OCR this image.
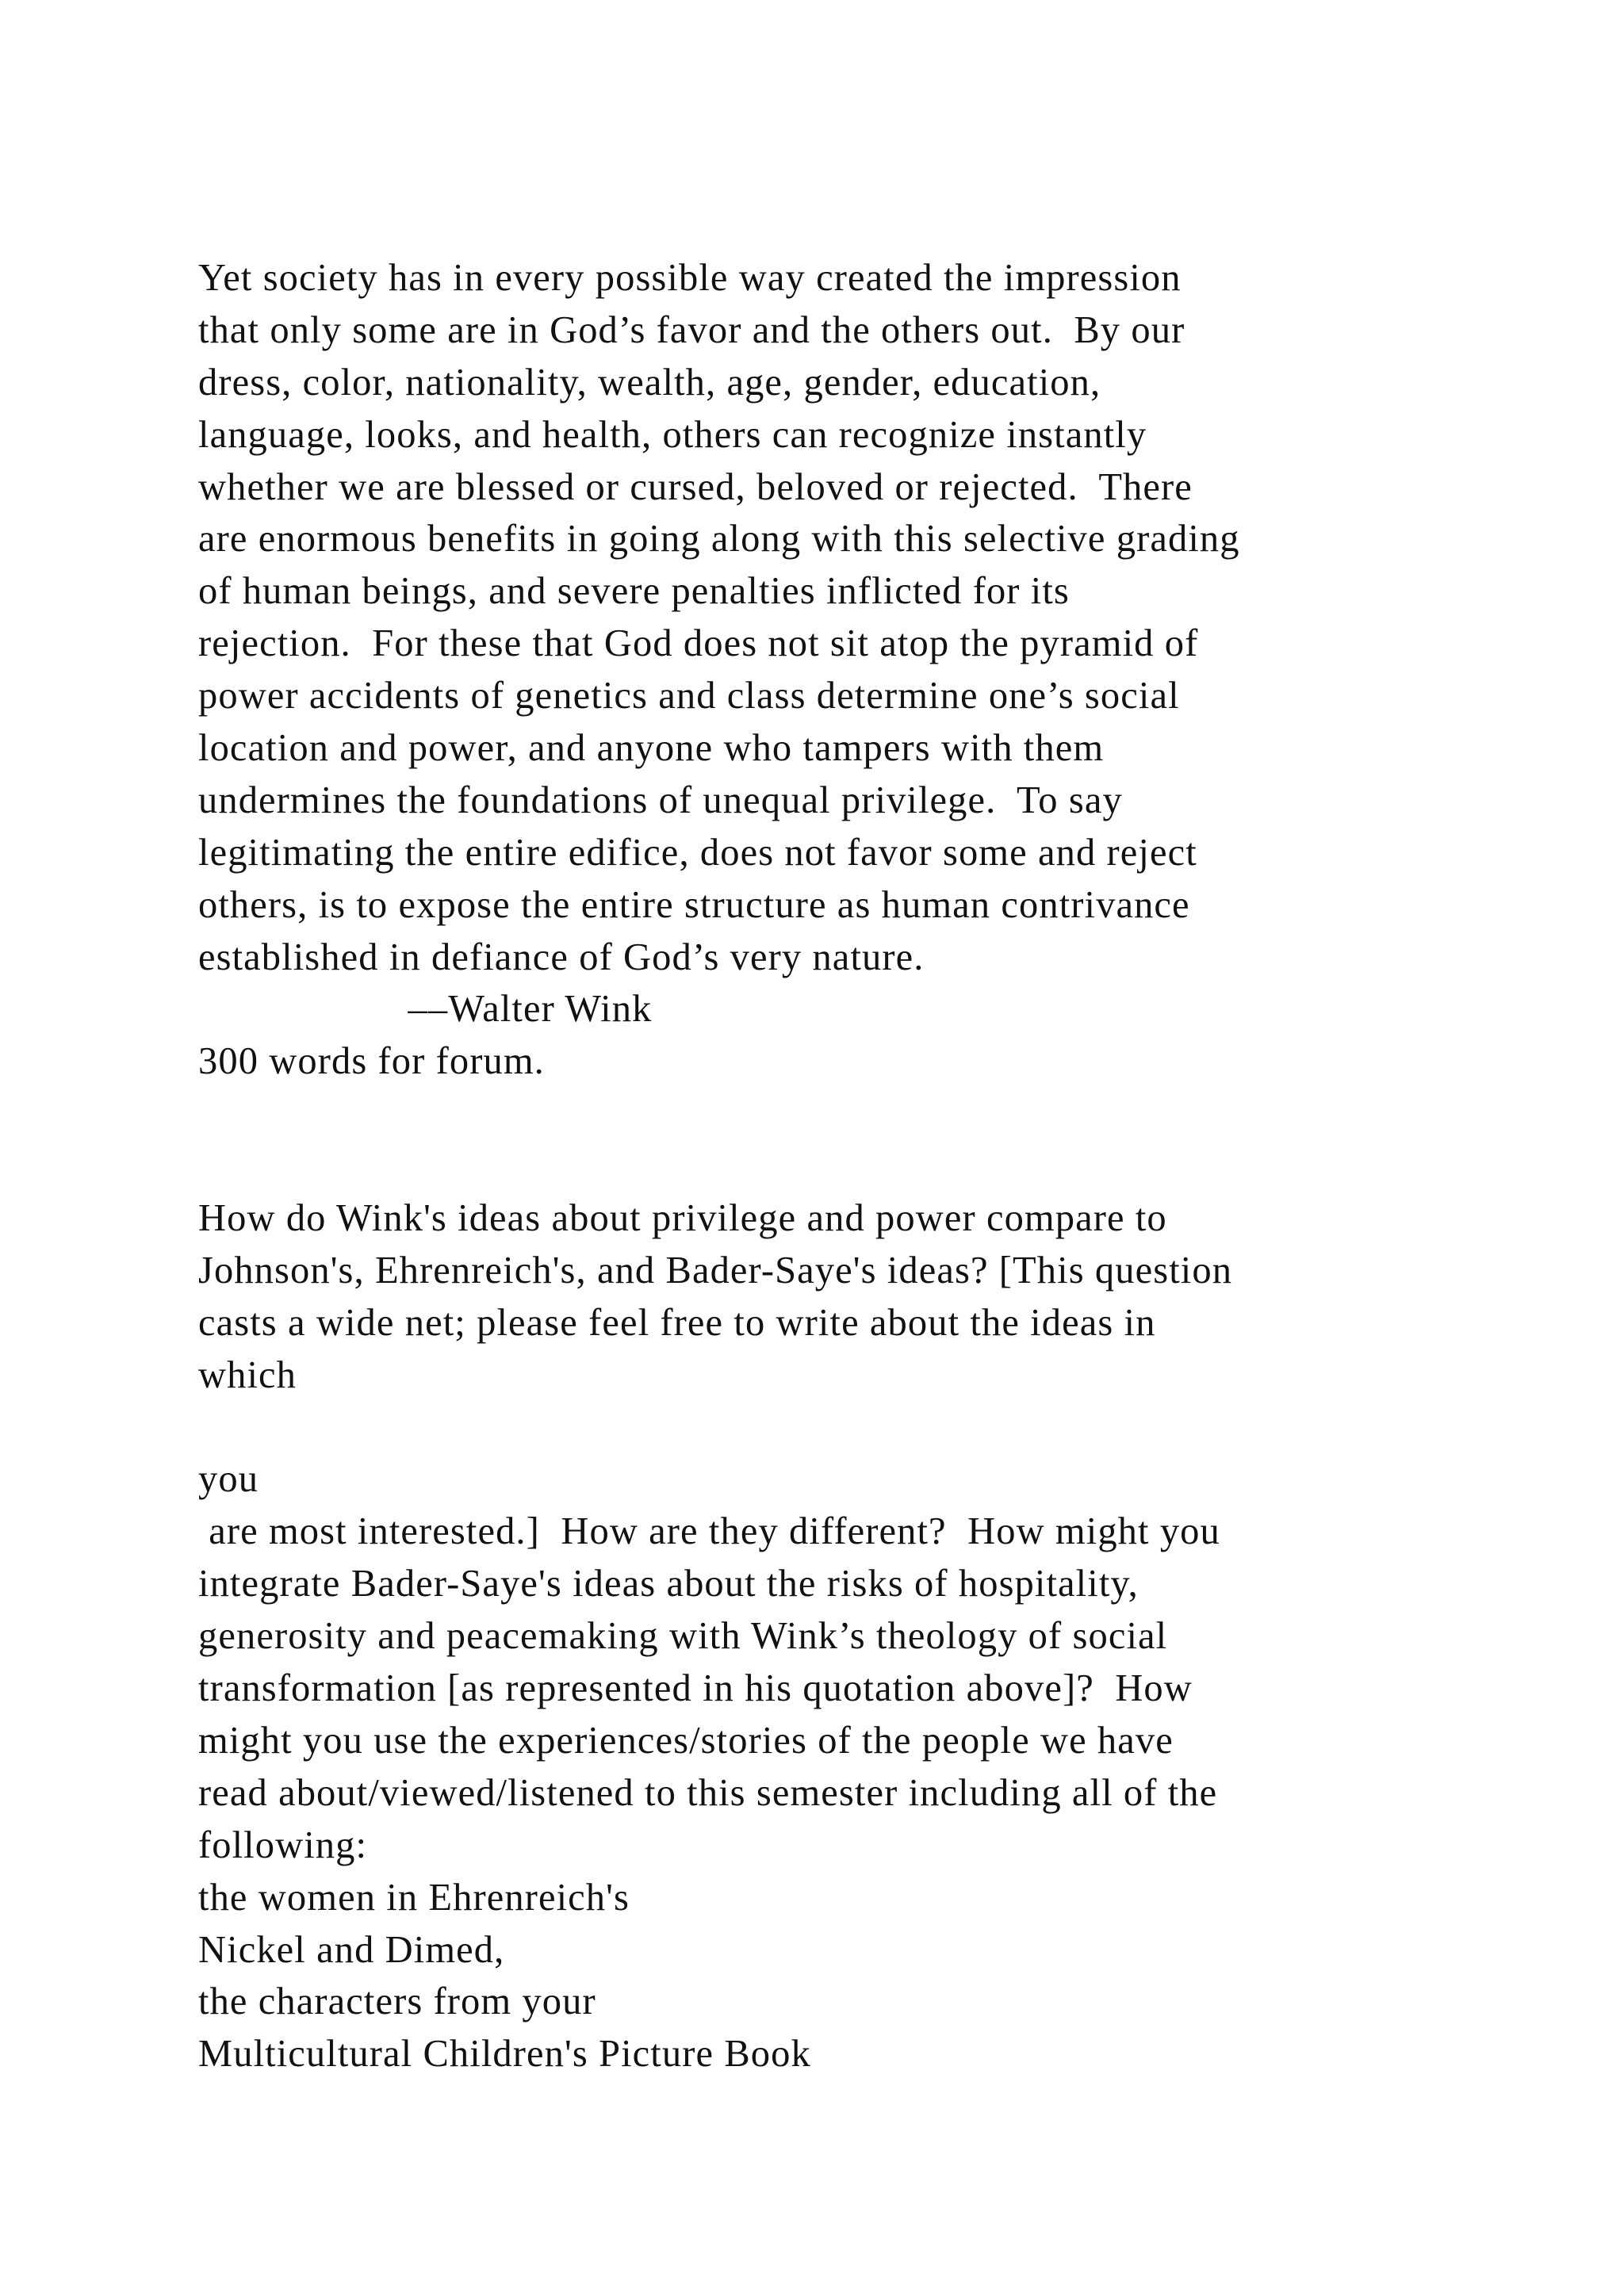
Yet society has in every possible way created the impression
that only some are in God’s favor and the others out.  By our
dress, color, nationality, wealth, age, gender, education,
language, looks, and health, others can recognize instantly
whether we are blessed or cursed, beloved or rejected.  There
are enormous benefits in going along with this selective grading
of human beings, and severe penalties inflicted for its
rejection.  For these that God does not sit atop the pyramid of
power accidents of genetics and class determine one’s social
location and power, and anyone who tampers with them
undermines the foundations of unequal privilege.  To say
legitimating the entire edifice, does not favor some and reject
others, is to expose the entire structure as human contrivance
established in defiance of God’s very nature.
––Walter Wink
300 words for forum.
How do Wink's ideas about privilege and power compare to
Johnson's, Ehrenreich's, and Bader-Saye's ideas? [This question
casts a wide net; please feel free to write about the ideas in
which
you
are most interested.]  How are they different?  How might you
integrate Bader-Saye's ideas about the risks of hospitality,
generosity and peacemaking with Wink’s theology of social
transformation [as represented in his quotation above]?  How
might you use the experiences/stories of the people we have
read about/viewed/listened to this semester including all of the
following:
the women in Ehrenreich's
Nickel and Dimed,
the characters from your
Multicultural Children's Picture Book
